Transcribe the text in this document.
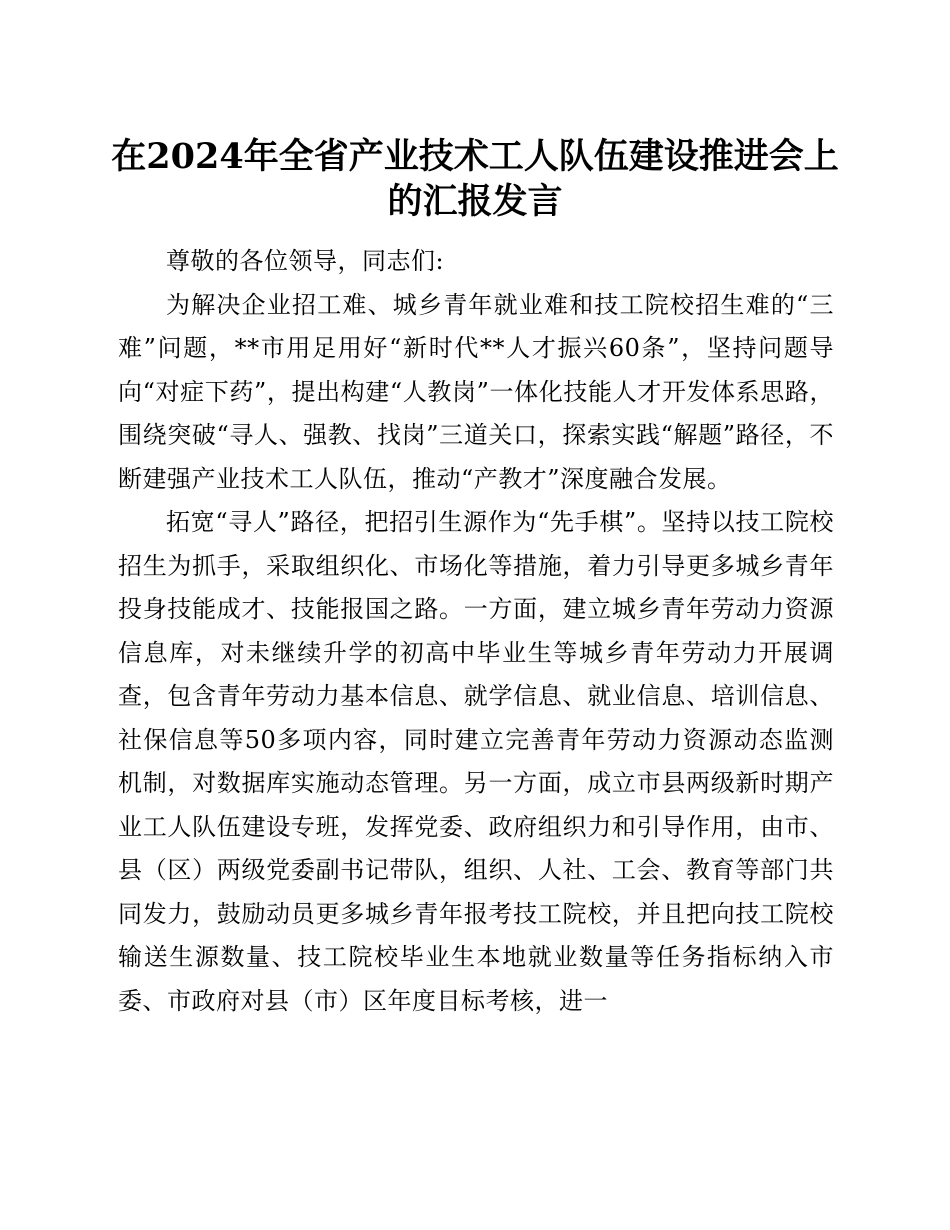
在2024年全省产业技术工人队伍建设推进会上
的汇报发言

尊敬的各位领导，同志们:

为解决企业招工难、城乡青年就业难和技工院校招生难的“三难”问题，**市用足用好“新时代**人才振兴60条”，坚持问题导向“对症下药”，提出构建“人教岗”一体化技能人才开发体系思路，围绕突破“寻人、强教、找岗”三道关口，探索实践“解题”路径，不断建强产业技术工人队伍，推动“产教才”深度融合发展。

拓宽“寻人”路径，把招引生源作为“先手棋”。坚持以技工院校招生为抓手，采取组织化、市场化等措施，着力引导更多城乡青年投身技能成才、技能报国之路。一方面，建立城乡青年劳动力资源信息库，对未继续升学的初高中毕业生等城乡青年劳动力开展调查，包含青年劳动力基本信息、就学信息、就业信息、培训信息、社保信息等50多项内容，同时建立完善青年劳动力资源动态监测机制，对数据库实施动态管理。另一方面，成立市县两级新时期产业工人队伍建设专班，发挥党委、政府组织力和引导作用，由市、县（区）两级党委副书记带队，组织、人社、工会、教育等部门共同发力，鼓励动员更多城乡青年报考技工院校，并且把向技工院校输送生源数量、技工院校毕业生本地就业数量等任务指标纳入市委、市政府对县（市）区年度目标考核，进一
